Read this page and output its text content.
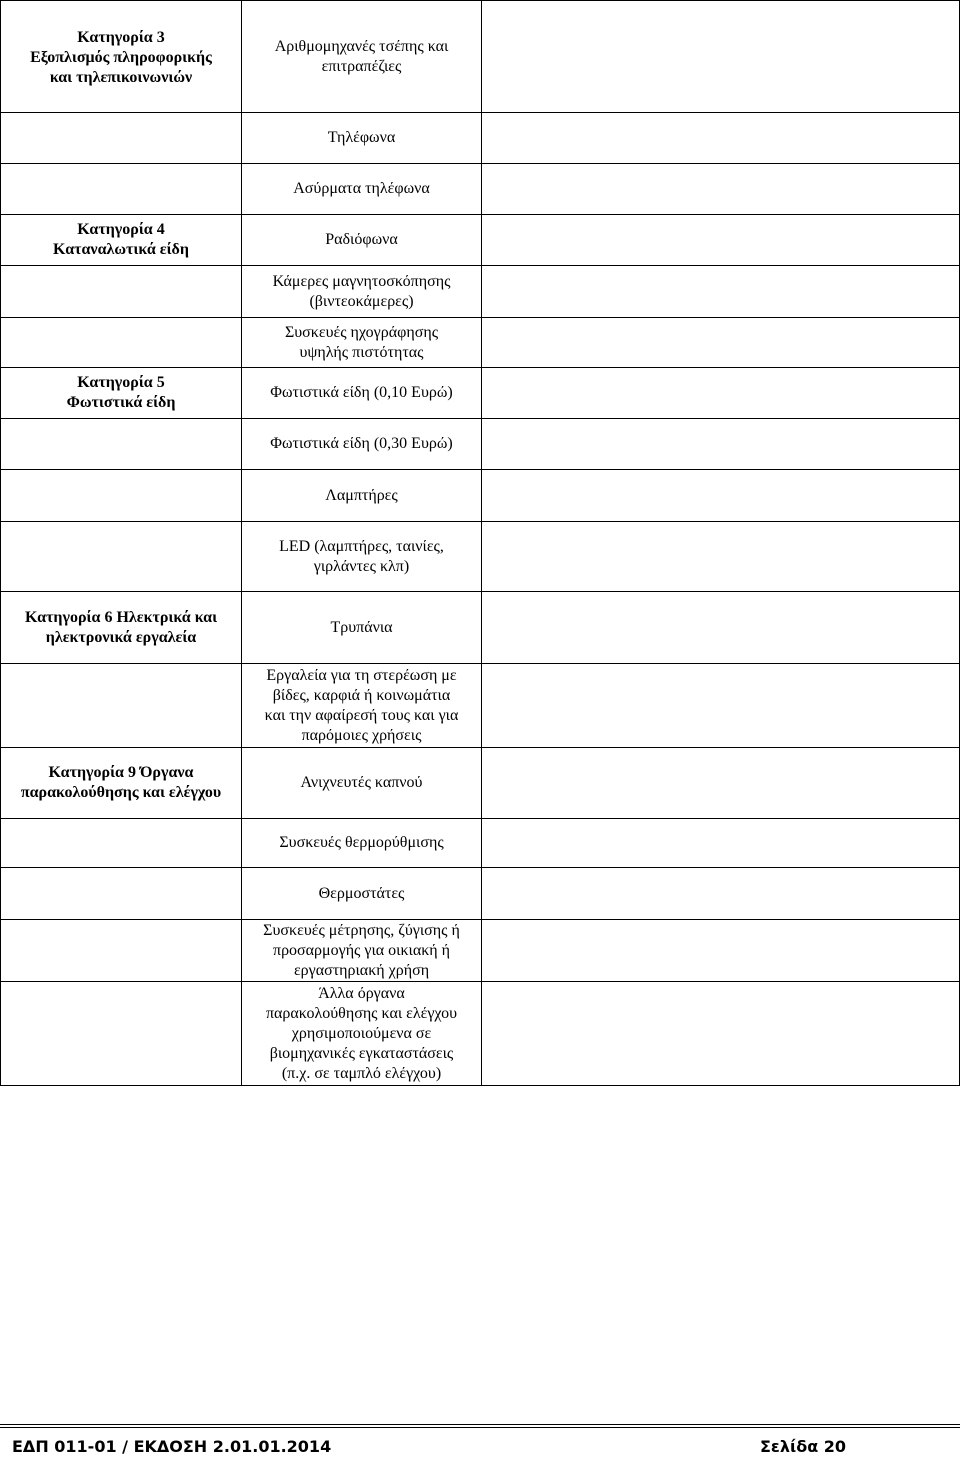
Κατηγορία 3
Εξοπλισμός πληροφορικής
και τηλεπικοινωνιών	Αριθμομηχανές τσέπης και
επιτραπέζιες	
	Τηλέφωνα	
	Ασύρματα τηλέφωνα	

Κατηγορία 4
Καταναλωτικά είδη	Ραδιόφωνα	
	Κάμερες μαγνητοσκόπησης
(βιντεοκάμερες)	
	Συσκευές ηχογράφησης
υψηλής πιστότητας	

Κατηγορία 5
Φωτιστικά είδη	Φωτιστικά είδη (0,10 Ευρώ)	
	Φωτιστικά είδη (0,30 Ευρώ)	
	Λαμπτήρες	
	LED (λαμπτήρες, ταινίες,
γιρλάντες κλπ)	

Κατηγορία 6 Ηλεκτρικά και
ηλεκτρονικά εργαλεία	Τρυπάνια	
	Εργαλεία για τη στερέωση με
βίδες, καρφιά ή κοινωμάτια
και την αφαίρεσή τους και για
παρόμοιες χρήσεις	

Κατηγορία 9 Όργανα
παρακολούθησης και ελέγχου	Ανιχνευτές καπνού	
	Συσκευές θερμορύθμισης	
	Θερμοστάτες	
	Συσκευές μέτρησης, ζύγισης ή
προσαρμογής για οικιακή ή
εργαστηριακή χρήση	
	Άλλα όργανα
παρακολούθησης και ελέγχου
χρησιμοποιούμενα σε
βιομηχανικές εγκαταστάσεις
(π.χ. σε ταμπλό ελέγχου)	
ΕΔΠ 011-01 / ΕΚΔΟΣΗ 2.01.01.2014	Σελίδα 20
